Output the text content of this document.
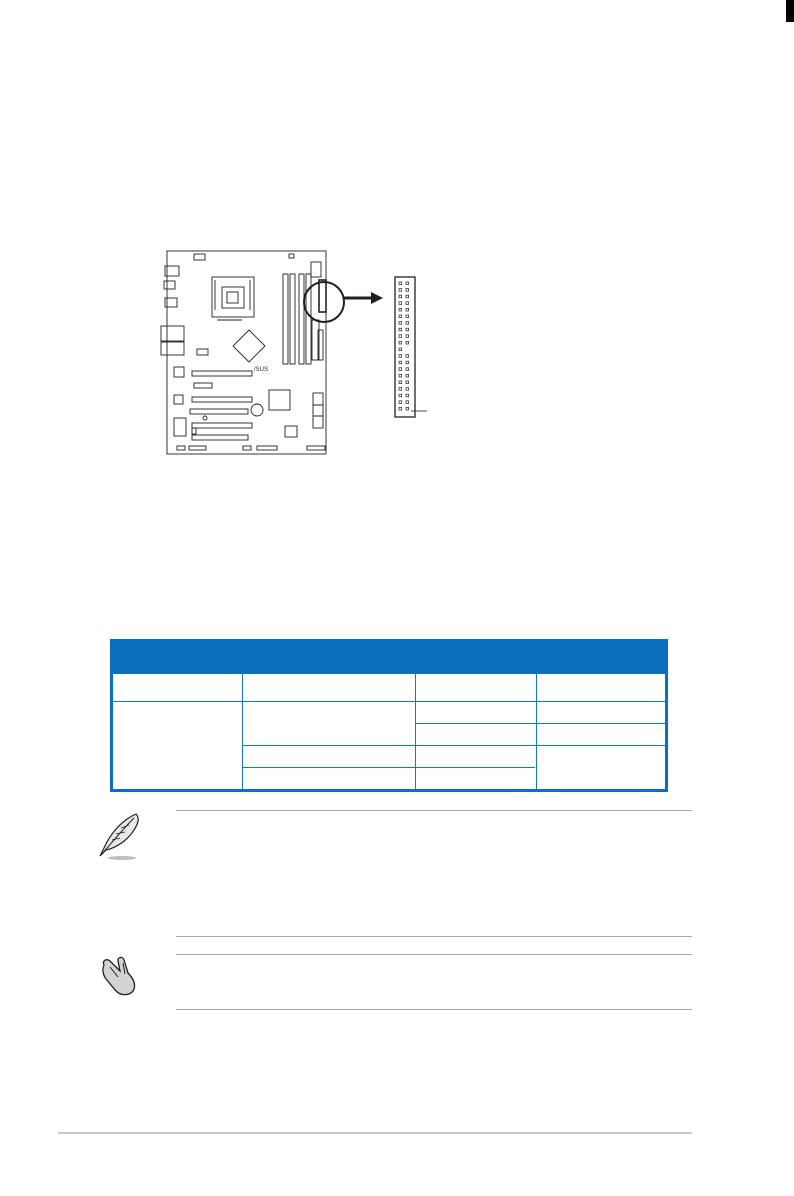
/SUS
